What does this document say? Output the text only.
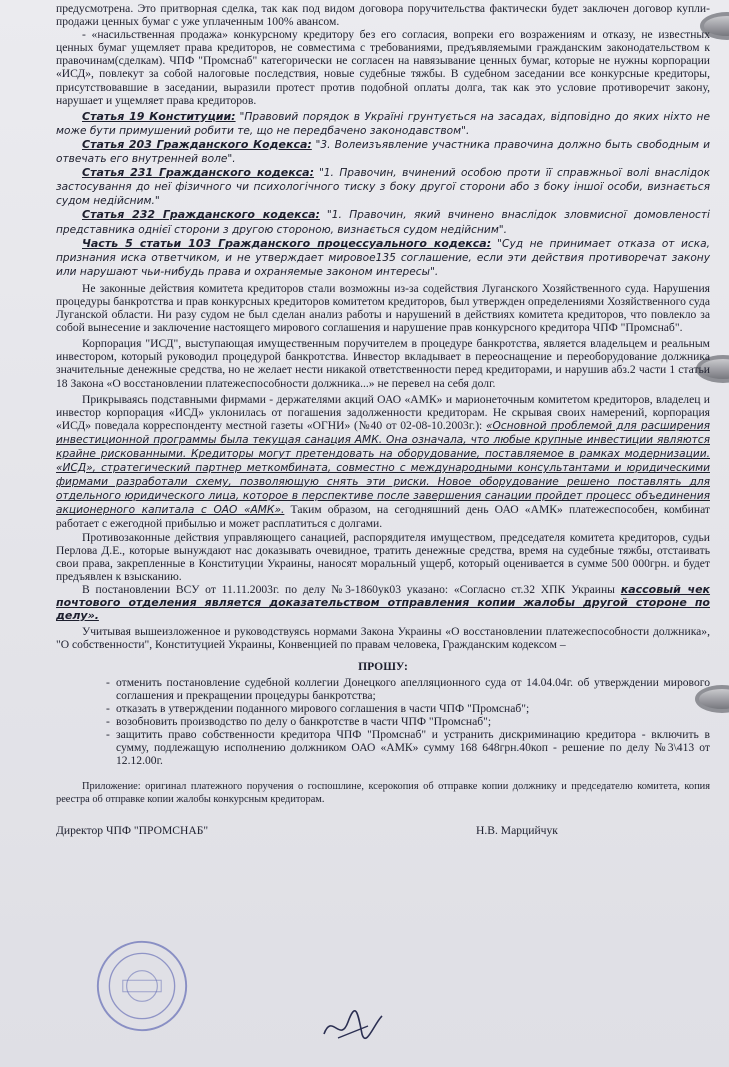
предусмотрена. Это притворная сделка, так как под видом договора поручительства фактически будет заключен договор купли-продажи ценных бумаг с уже уплаченным 100% авансом.

- «насильственная продажа» конкурсному кредитору без его согласия, вопреки его возражениям и отказу, не известных ценных бумаг ущемляет права кредиторов, не совместима с требованиями, предъявляемыми гражданским законодательством к правочинам(сделкам). ЧПФ "Промснаб" категорически не согласен на навязывание ценных бумаг, которые не нужны корпорации «ИСД», повлекут за собой налоговые последствия, новые судебные тяжбы. В судебном заседании все конкурсные кредиторы, присутствовавшие в заседании, выразили протест против подобной оплаты долга, так как это условие противоречит закону, нарушает и ущемляет права кредиторов.

Статья 19 Конституции: "Правовий порядок в Україні грунтується на засадах, відповідно до яких ніхто не може бути примушений робити те, що не передбачено законодавством".

Статья 203 Гражданского Кодекса: "3. Волеизъявление участника правочина должно быть свободным и отвечать его внутренней воле".

Статья 231 Гражданского кодекса: "1. Правочин, вчинений особою проти її справжньої волі внаслідок застосування до неї фізичного чи психологічного тиску з боку другої сторони або з боку іншої особи, визнається судом недійсним."

Статья 232 Гражданского кодекса: "1. Правочин, який вчинено внаслідок зловмисної домовленості представника однієї сторони з другою стороною, визнається судом недійсним".

Часть 5 статьи 103 Гражданского процессуального кодекса: "Суд не принимает отказа от иска, признания иска ответчиком, и не утверждает мировое135 соглашение, если эти действия противоречат закону или нарушают чьи-нибудь права и охраняемые законом интересы".

Не законные действия комитета кредиторов стали возможны из-за содействия Луганского Хозяйственного суда. Нарушения процедуры банкротства и прав конкурсных кредиторов комитетом кредиторов, был утвержден определениями Хозяйственного суда Луганской области. Ни разу судом не был сделан анализ работы и нарушений в действиях комитета кредиторов, что повлекло за собой вынесение и заключение настоящего мирового соглашения и нарушение прав конкурсного кредитора ЧПФ "Промснаб".

Корпорация "ИСД", выступающая имущественным поручителем в процедуре банкротства, является владельцем и реальным инвестором, который руководил процедурой банкротства. Инвестор вкладывает в переоснащение и переоборудование должника значительные денежные средства, но не желает нести никакой ответственности перед кредиторами, и нарушив абз.2 части 1 статьи 18 Закона «О восстановлении платежеспособности должника...» не перевел на себя долг.

Прикрываясь подставными фирмами - держателями акций ОАО «АМК» и марионеточным комитетом кредиторов, владелец и инвестор корпорация «ИСД» уклонилась от погашения задолженности кредиторам. Не скрывая своих намерений, корпорация «ИСД» поведала корреспонденту местной газеты «ОГНИ» (№40 от 02-08-10.2003г.): «Основной проблемой для расширения инвестиционной программы была текущая санация АМК. Она означала, что любые крупные инвестиции являются крайне рискованными. Кредиторы могут претендовать на оборудование, поставляемое в рамках модернизации. «ИСД», стратегический партнер меткомбината, совместно с международными консультантами и юридическими фирмами разработали схему, позволяющую снять эти риски. Новое оборудование решено поставлять для отдельного юридического лица, которое в перспективе после завершения санации пройдет процесс объединения акционерного капитала с ОАО «АМК». Таким образом, на сегодняшний день ОАО «АМК» платежеспособен, комбинат работает с ежегодной прибылью и может расплатиться с долгами.

Противозаконные действия управляющего санацией, распорядителя имуществом, председателя комитета кредиторов, судьи Перлова Д.Е., которые вынуждают нас доказывать очевидное, тратить денежные средства, время на судебные тяжбы, отстаивать свои права, закрепленные в Конституции Украины, наносят моральный ущерб, который оценивается в сумме 500 000грн. и будет предъявлен к взысканию.

В постановлении ВСУ от 11.11.2003г. по делу №3-1860ук03 указано: «Согласно ст.32 ХПК Украины кассовый чек почтового отделения является доказательством отправления копии жалобы другой стороне по делу».

Учитывая вышеизложенное и руководствуясь нормами Закона Украины «О восстановлении платежеспособности должника», "О собственности", Конституцией Украины, Конвенцией по правам человека, Гражданским кодексом –

ПРОШУ:

- отменить постановление судебной коллегии Донецкого апелляционного суда от 14.04.04г. об утверждении мирового соглашения и прекращении процедуры банкротства;
- отказать в утверждении поданного мирового соглашения в части ЧПФ "Промснаб";
- возобновить производство по делу о банкротстве в части ЧПФ "Промснаб";
- защитить право собственности кредитора ЧПФ "Промснаб" и устранить дискриминацию кредитора - включить в сумму, подлежащую исполнению должником ОАО «АМК» сумму 168 648грн.40коп - решение по делу №3\413 от 12.12.00г.

Приложение: оригинал платежного поручения о госпошлине, ксерокопия об отправке копии должнику и председателю комитета, копия реестра об отправке копии жалобы конкурсным кредиторам.

Директор ЧПФ "ПРОМСНАБ"	Н.В. Марцийчук
